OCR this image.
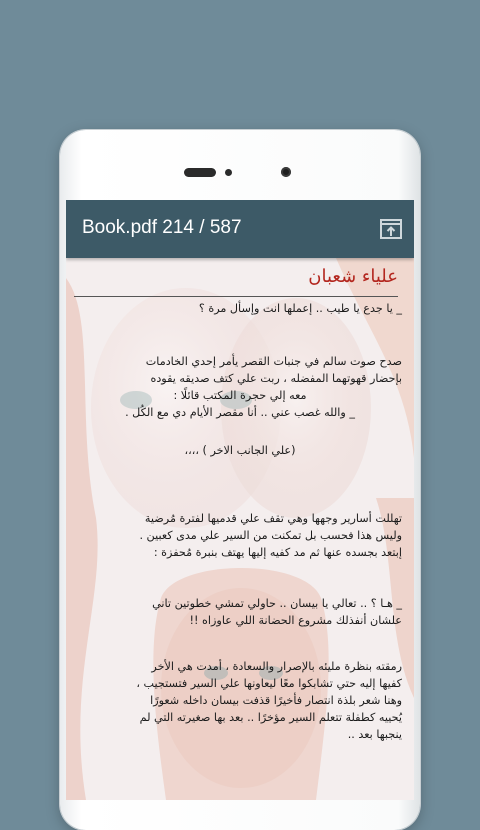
Book.pdf 214 / 587
علياء شعبان

_ يا جدع يا طيب .. إعملها انت وإسأل مرة ؟

صدح صوت سالم في جنبات القصر يأمر إحدي الخادمات

بإحضار قهوتهما المفضله ، ربت علي كتف صديقه يقوده

معه إلي حجرة المكتب قائلًا :

_ والله غصب عني .. أنا مقصر الأيام دي مع الكُل .

(علي الجانب الاخر ) ،،،،

تهللت أسارير وجهها وهي تقف علي قدميها لفترة مُرضية

وليس هذا فحسب بل تمكنت من السير علي مدى كعبين .

إبتعد بجسده عنها ثم مد كفيه إليها يهتف بنبرة مُحفزة :

_ هـا ؟ .. تعالي يا بيسان .. حاولي تمشي خطوتين تاني

علشان أنفذلك مشروع الحضانة اللي عاوزاه !!

رمقته بنظرة مليئه بالإصرار والسعادة ، أمدت هي الأخر

كفيها إليه حتي تشابكوا معًا ليعاونها علي السير فتستجيب ،

وهنا شعر بلذة انتصار فأخيرًا قذفت بيسان داخله شعورًا

يُحييه كطفلة تتعلم السير مؤخرًا .. بعد بها صغيرته التي لم

ينجبها بعد ..
